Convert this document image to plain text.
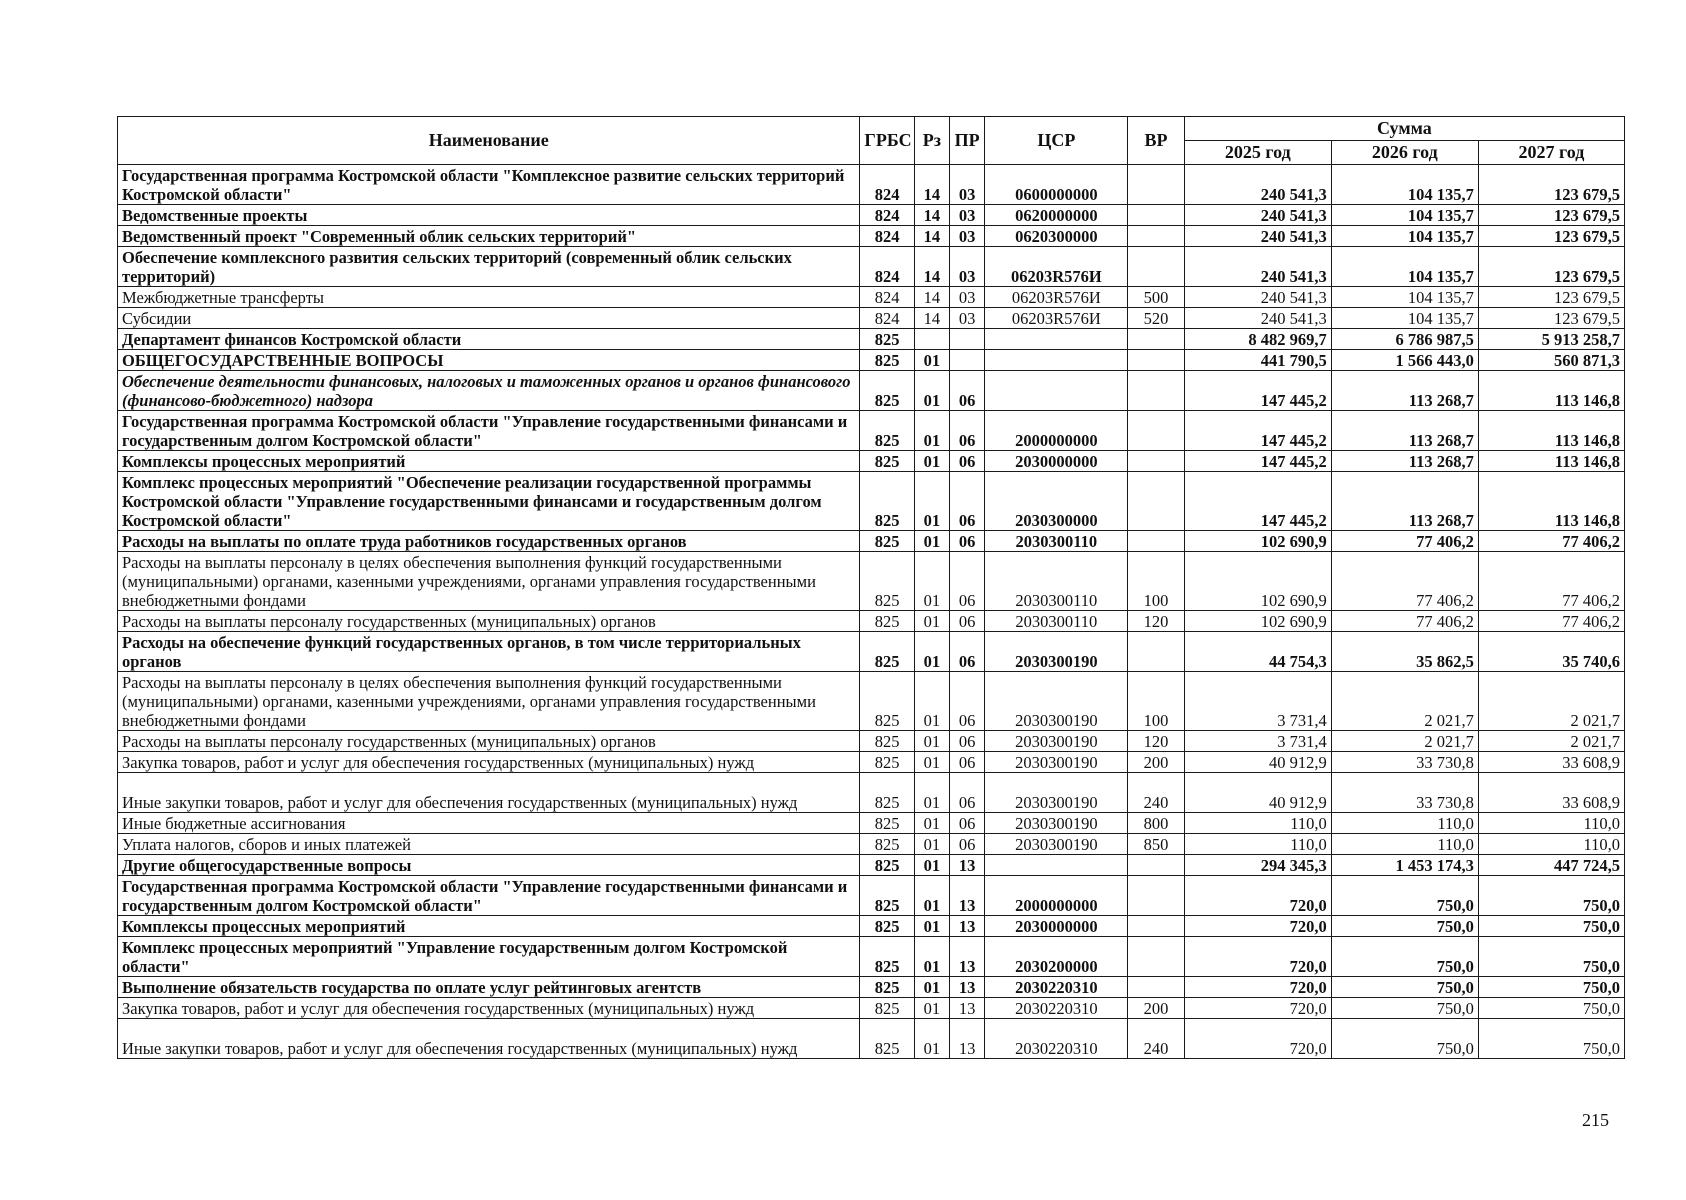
Наименование	ГРБС	Рз	ПР	ЦСР	ВР	Сумма		
						2025 год	2026 год	2027 год
Государственная программа Костромской области "Комплексное развитие сельских территорий Костромской области"	824	14	03	0600000000		240 541,3	104 135,7	123 679,5
Ведомственные проекты	824	14	03	0620000000		240 541,3	104 135,7	123 679,5
Ведомственный проект "Современный облик сельских территорий"	824	14	03	0620300000		240 541,3	104 135,7	123 679,5
Обеспечение комплексного развития сельских территорий (современный облик сельских территорий)	824	14	03	06203R576И		240 541,3	104 135,7	123 679,5
Межбюджетные трансферты	824	14	03	06203R576И	500	240 541,3	104 135,7	123 679,5
Субсидии	824	14	03	06203R576И	520	240 541,3	104 135,7	123 679,5
Департамент финансов Костромской области	825					8 482 969,7	6 786 987,5	5 913 258,7
ОБЩЕГОСУДАРСТВЕННЫЕ ВОПРОСЫ	825	01				441 790,5	1 566 443,0	560 871,3
Обеспечение деятельности финансовых, налоговых и таможенных органов и органов финансового (финансово-бюджетного) надзора	825	01	06			147 445,2	113 268,7	113 146,8
Государственная программа Костромской области "Управление государственными финансами и государственным долгом Костромской области"	825	01	06	2000000000		147 445,2	113 268,7	113 146,8
Комплексы процессных мероприятий	825	01	06	2030000000		147 445,2	113 268,7	113 146,8
Комплекс процессных мероприятий "Обеспечение реализации государственной программы Костромской области "Управление государственными финансами и государственным долгом Костромской области"	825	01	06	2030300000		147 445,2	113 268,7	113 146,8
Расходы на выплаты по оплате труда работников государственных органов	825	01	06	2030300110		102 690,9	77 406,2	77 406,2
Расходы на выплаты персоналу в целях обеспечения выполнения функций государственными (муниципальными) органами, казенными учреждениями, органами управления государственными внебюджетными фондами	825	01	06	2030300110	100	102 690,9	77 406,2	77 406,2
Расходы на выплаты персоналу государственных (муниципальных) органов	825	01	06	2030300110	120	102 690,9	77 406,2	77 406,2
Расходы на обеспечение функций государственных органов, в том числе территориальных органов	825	01	06	2030300190		44 754,3	35 862,5	35 740,6
Расходы на выплаты персоналу в целях обеспечения выполнения функций государственными (муниципальными) органами, казенными учреждениями, органами управления государственными внебюджетными фондами	825	01	06	2030300190	100	3 731,4	2 021,7	2 021,7
Расходы на выплаты персоналу государственных (муниципальных) органов	825	01	06	2030300190	120	3 731,4	2 021,7	2 021,7
Закупка товаров, работ и услуг для обеспечения государственных (муниципальных) нужд	825	01	06	2030300190	200	40 912,9	33 730,8	33 608,9
Иные закупки товаров, работ и услуг для обеспечения государственных (муниципальных) нужд	825	01	06	2030300190	240	40 912,9	33 730,8	33 608,9
Иные бюджетные ассигнования	825	01	06	2030300190	800	110,0	110,0	110,0
Уплата налогов, сборов и иных платежей	825	01	06	2030300190	850	110,0	110,0	110,0
Другие общегосударственные вопросы	825	01	13			294 345,3	1 453 174,3	447 724,5
Государственная программа Костромской области "Управление государственными финансами и государственным долгом Костромской области"	825	01	13	2000000000		720,0	750,0	750,0
Комплексы процессных мероприятий	825	01	13	2030000000		720,0	750,0	750,0
Комплекс процессных мероприятий "Управление государственным долгом Костромской области"	825	01	13	2030200000		720,0	750,0	750,0
Выполнение обязательств государства по оплате услуг рейтинговых агентств	825	01	13	2030220310		720,0	750,0	750,0
Закупка товаров, работ и услуг для обеспечения государственных (муниципальных) нужд	825	01	13	2030220310	200	720,0	750,0	750,0
Иные закупки товаров, работ и услуг для обеспечения государственных (муниципальных) нужд	825	01	13	2030220310	240	720,0	750,0	750,0
215
